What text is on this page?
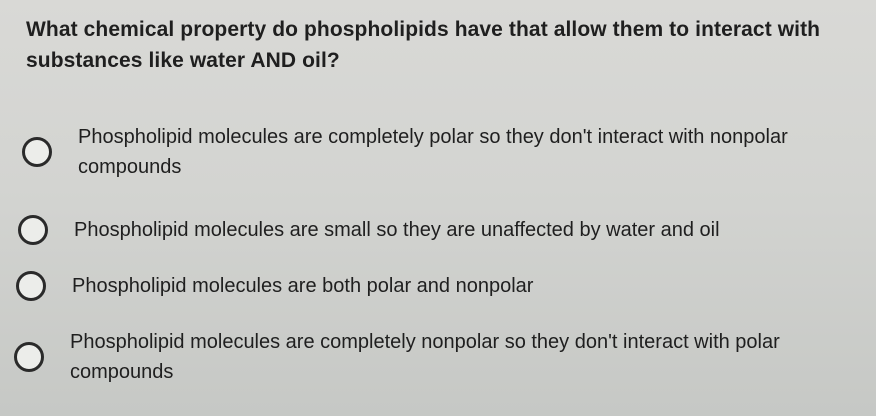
What chemical property do phospholipids have that allow them to interact with substances like water AND oil?
Phospholipid molecules are completely polar so they don't interact with nonpolar compounds
Phospholipid molecules are small so they are unaffected by water and oil
Phospholipid molecules are both polar and nonpolar
Phospholipid molecules are completely nonpolar so they don't interact with polar compounds
